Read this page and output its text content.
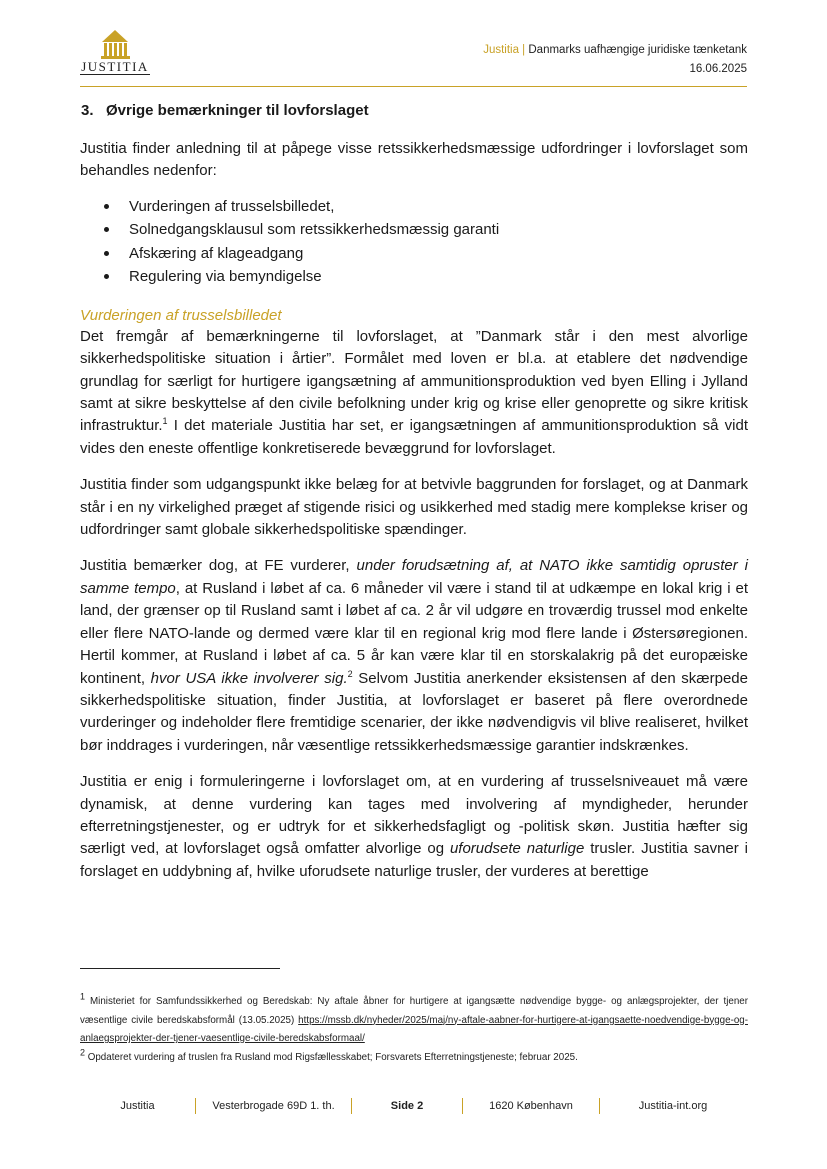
JUSTITIA
Justitia | Danmarks uafhængige juridiske tænketank
16.06.2025
3. Øvrige bemærkninger til lovforslaget

Justitia finder anledning til at påpege visse retssikkerhedsmæssige udfordringer i lovforslaget som behandles nedenfor:

Vurderingen af trusselsbilledet,
Solnedgangsklausul som retssikkerhedsmæssig garanti
Afskæring af klageadgang
Regulering via bemyndigelse
Vurderingen af trusselsbilledet

Det fremgår af bemærkningerne til lovforslaget, at ”Danmark står i den mest alvorlige sikkerhedspolitiske situation i årtier”. Formålet med loven er bl.a. at etablere det nødvendige grundlag for særligt for hurtigere igangsætning af ammunitionsproduktion ved byen Elling i Jylland samt at sikre beskyttelse af den civile befolkning under krig og krise eller genoprette og sikre kritisk infrastruktur.$^1$ I det materiale Justitia har set, er igangsætningen af ammunitionsproduktion så vidt vides den eneste offentlige konkretiserede bevæggrund for lovforslaget.

Justitia finder som udgangspunkt ikke belæg for at betvivle baggrunden for forslaget, og at Danmark står i en ny virkelighed præget af stigende risici og usikkerhed med stadig mere komplekse kriser og udfordringer samt globale sikkerhedspolitiske spændinger.

Justitia bemærker dog, at FE vurderer, under forudsætning af, at NATO ikke samtidig opruster i samme tempo, at Rusland i løbet af ca. 6 måneder vil være i stand til at udkæmpe en lokal krig i et land, der grænser op til Rusland samt i løbet af ca. 2 år vil udgøre en troværdig trussel mod enkelte eller flere NATO-lande og dermed være klar til en regional krig mod flere lande i Østersøregionen. Hertil kommer, at Rusland i løbet af ca. 5 år kan være klar til en storskalakrig på det europæiske kontinent, hvor USA ikke involverer sig.$^2$ Selvom Justitia anerkender eksistensen af den skærpede sikkerhedspolitiske situation, finder Justitia, at lovforslaget er baseret på flere overordnede vurderinger og indeholder flere fremtidige scenarier, der ikke nødvendigvis vil blive realiseret, hvilket bør inddrages i vurderingen, når væsentlige retssikkerhedsmæssige garantier indskrænkes.

Justitia er enig i formuleringerne i lovforslaget om, at en vurdering af trusselsniveauet må være dynamisk, at denne vurdering kan tages med involvering af myndigheder, herunder efterretningstjenester, og er udtryk for et sikkerhedsfagligt og -politisk skøn. Justitia hæfter sig særligt ved, at lovforslaget også omfatter alvorlige og uforudsete naturlige trusler. Justitia savner i forslaget en uddybning af, hvilke uforudsete naturlige trusler, der vurderes at berettige

$^1$ Ministeriet for Samfundssikkerhed og Beredskab: Ny aftale åbner for hurtigere at igangsætte nødvendige bygge- og anlægsprojekter, der tjener væsentlige civile beredskabsformål (13.05.2025) https://mssb.dk/nyheder/2025/maj/ny-aftale-aabner-for-hurtigere-at-igangsaette-noedvendige-bygge-og-anlaegsprojekter-der-tjener-vaesentlige-civile-beredskabsformaal/

$^2$ Opdateret vurdering af truslen fra Rusland mod Rigsfællesskabet; Forsvarets Efterretningstjeneste; februar 2025.

Justitia	Vesterbrogade 69D 1. th.	Side 2	1620 København	Justitia-int.org
